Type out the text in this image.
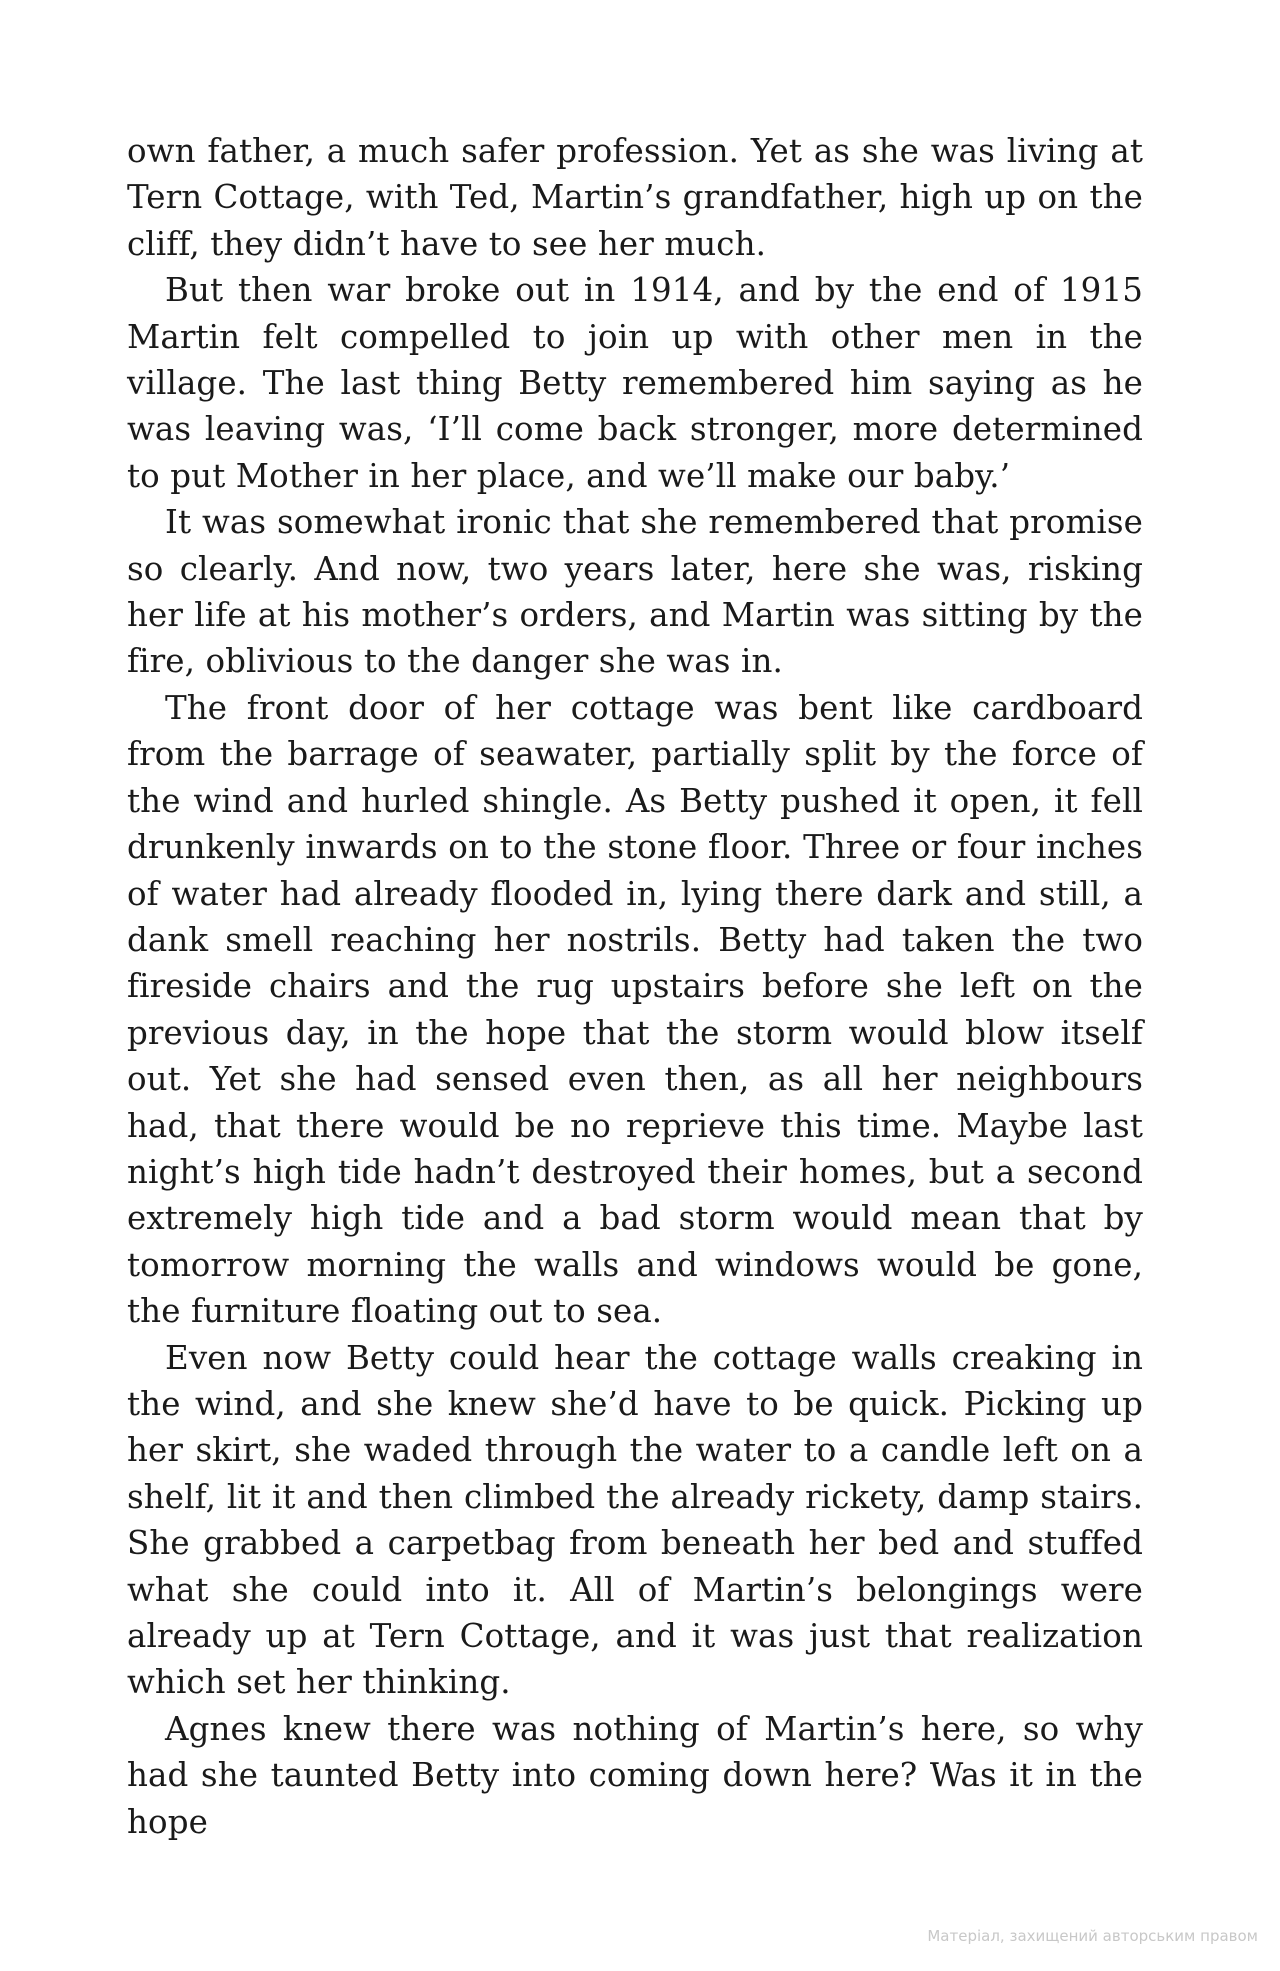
own father, a much safer profession. Yet as she was living at Tern Cottage, with Ted, Martin’s grandfather, high up on the cliff, they didn’t have to see her much.

But then war broke out in 1914, and by the end of 1915 Martin felt compelled to join up with other men in the village. The last thing Betty remembered him saying as he was leaving was, ‘I’ll come back stronger, more determined to put Mother in her place, and we’ll make our baby.’

It was somewhat ironic that she remembered that promise so clearly. And now, two years later, here she was, risking her life at his mother’s orders, and Martin was sitting by the fire, oblivious to the danger she was in.

The front door of her cottage was bent like cardboard from the barrage of seawater, partially split by the force of the wind and hurled shingle. As Betty pushed it open, it fell drunkenly inwards on to the stone floor. Three or four inches of water had already flooded in, lying there dark and still, a dank smell reaching her nostrils. Betty had taken the two fireside chairs and the rug upstairs before she left on the previous day, in the hope that the storm would blow itself out. Yet she had sensed even then, as all her neighbours had, that there would be no reprieve this time. Maybe last night’s high tide hadn’t destroyed their homes, but a second extremely high tide and a bad storm would mean that by tomorrow morning the walls and windows would be gone, the furniture floating out to sea.

Even now Betty could hear the cottage walls creaking in the wind, and she knew she’d have to be quick. Picking up her skirt, she waded through the water to a candle left on a shelf, lit it and then climbed the already rickety, damp stairs. She grabbed a carpetbag from beneath her bed and stuffed what she could into it. All of Martin’s belongings were already up at Tern Cottage, and it was just that realization which set her thinking.

Agnes knew there was nothing of Martin’s here, so why had she taunted Betty into coming down here? Was it in the hope

Матеріал, захищений авторським правом
